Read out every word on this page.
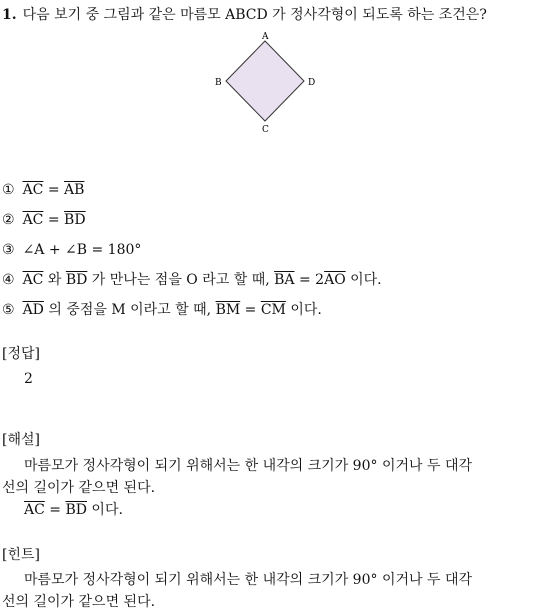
1. 다음 보기 중 그림과 같은 마름모 ABCD 가 정사각형이 되도록 하는 조건은?
A
B
C
D
① $\overline{AC} = \overline{AB}$
② $\overline{AC} = \overline{BD}$
③ ∠A + ∠B = 180°
④ $\overline{AC}$ 와 $\overline{BD}$ 가 만나는 점을 O 라고 할 때, $\overline{BA} = 2\overline{AO}$ 이다.
⑤ $\overline{AD}$ 의 중점을 M 이라고 할 때, $\overline{BM} = \overline{CM}$ 이다.
[정답]
2
[해설]
마름모가 정사각형이 되기 위해서는 한 내각의 크기가 90° 이거나 두 대각
선의 길이가 같으면 된다.
$\overline{AC} = \overline{BD}$ 이다.
[힌트]
마름모가 정사각형이 되기 위해서는 한 내각의 크기가 90° 이거나 두 대각
선의 길이가 같으면 된다.
